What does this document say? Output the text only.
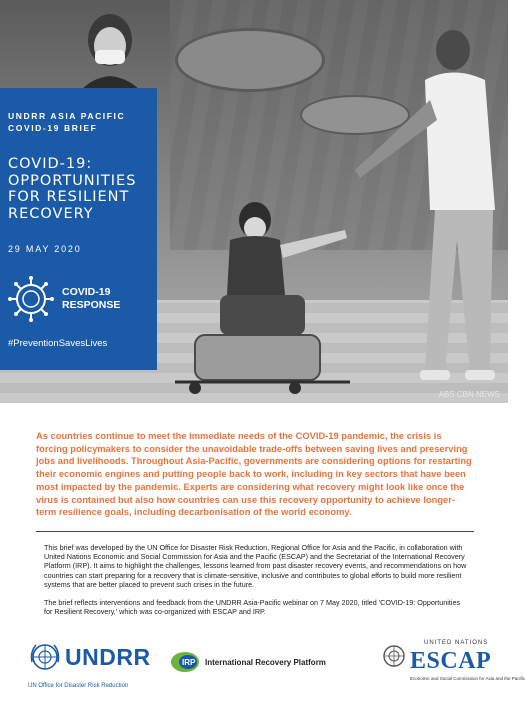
ABS CBN NEWS
UNDRR ASIA PACIFIC
COVID-19 BRIEF
COVID-19:
OPPORTUNITIES
FOR RESILIENT
RECOVERY
29 MAY 2020
COVID-19
RESPONSE
#PreventionSavesLives

As countries continue to meet the immediate needs of the COVID-19 pandemic, the crisis is forcing policymakers to consider the unavoidable trade-offs between saving lives and preserving jobs and livelihoods. Throughout Asia-Pacific, governments are considering options for restarting their economic engines and putting people back to work, including in key sectors that have been most impacted by the pandemic. Experts are considering what recovery might look like once the virus is contained but also how countries can use this recovery opportunity to achieve longer-term resilience goals, including decarbonisation of the world economy.

This brief was developed by the UN Office for Disaster Risk Reduction, Regional Office for Asia and the Pacific, in collaboration with United Nations Economic and Social Commission for Asia and the Pacific (ESCAP) and the Secretariat of the International Recovery Platform (IRP). It aims to highlight the challenges, lessons learned from past disaster recovery events, and recommendations on how countries can start preparing for a recovery that is climate-sensitive, inclusive and contributes to global efforts to build more resilient systems that are better placed to prevent such crises in the future.

The brief reflects interventions and feedback from the UNDRR Asia-Pacific webinar on 7 May 2020, titled 'COVID-19: Opportunities for Resilient Recovery,' which was co-organized with ESCAP and IRP.

UNDRR
UN Office for Disaster Risk Reduction
IRP International Recovery Platform
UNITED NATIONS
ESCAP
Economic and Social Commission for Asia and the Pacific
